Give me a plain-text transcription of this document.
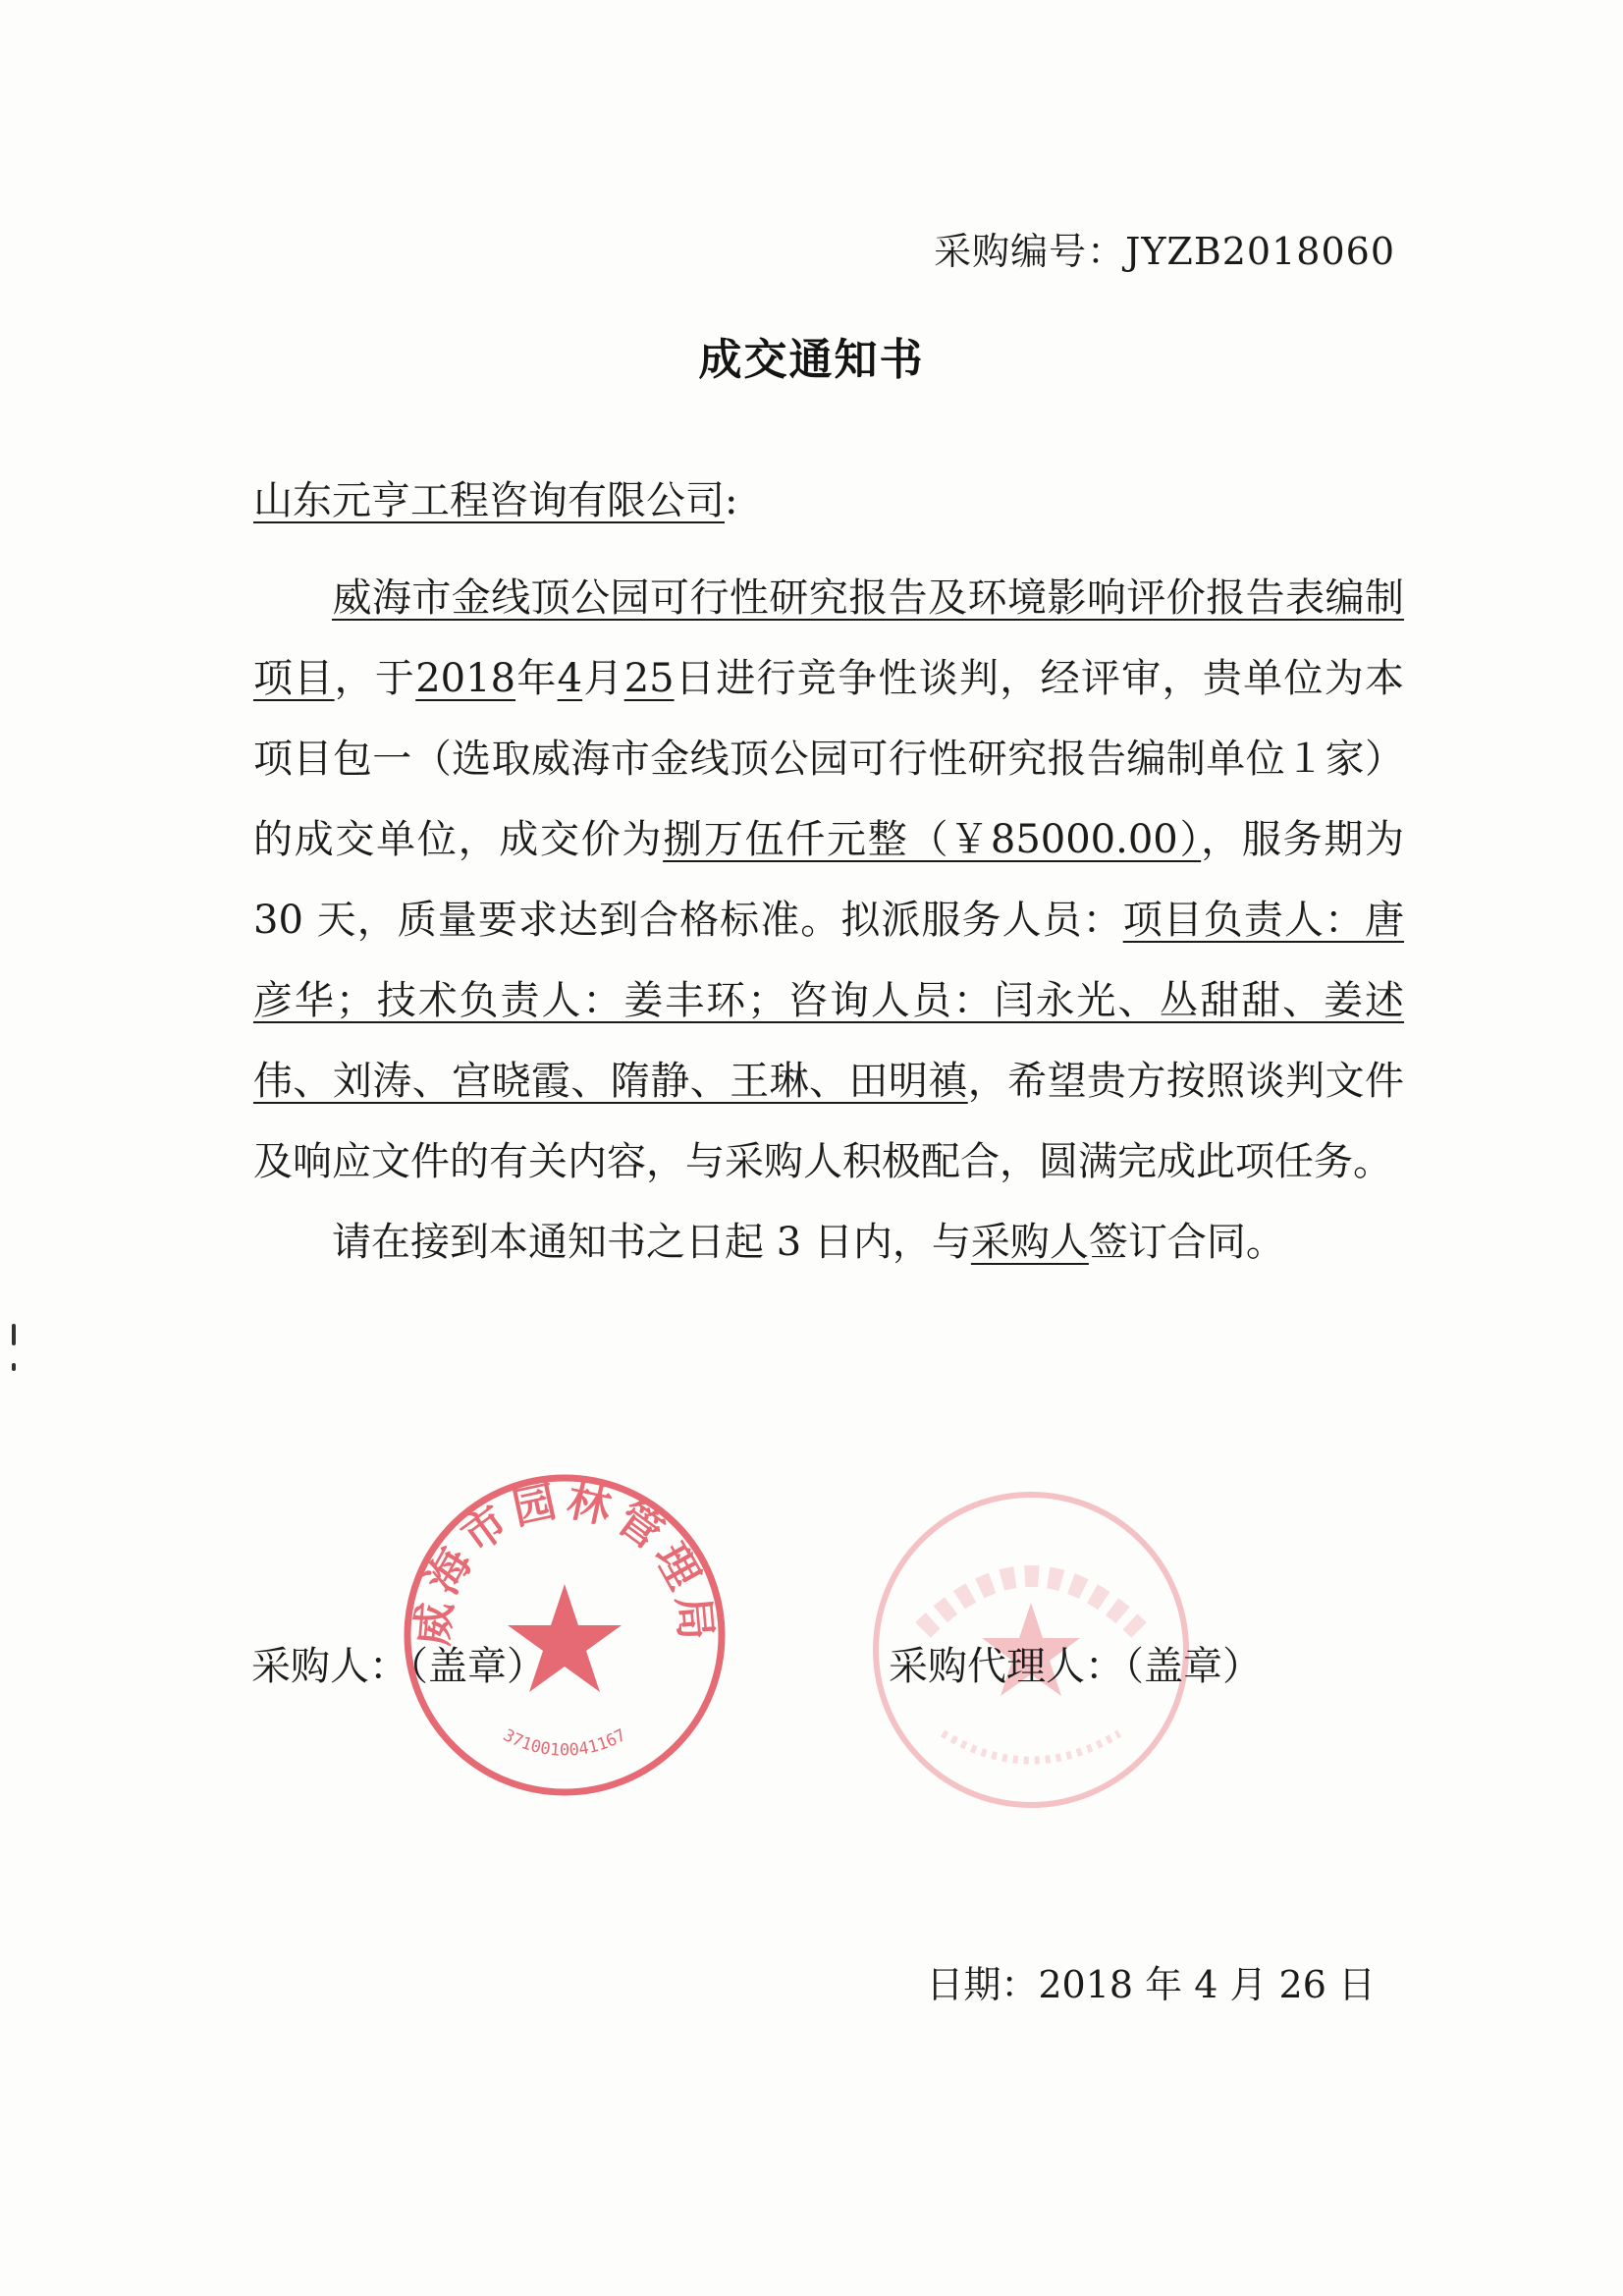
采购编号：JYZB2018060
成交通知书
山东元亨工程咨询有限公司:

威海市金线顶公园可行性研究报告及环境影响评价报告表编制项目，于2018年4月25日进行竞争性谈判，经评审，贵单位为本项目包一（选取威海市金线顶公园可行性研究报告编制单位１家）的成交单位，成交价为捌万伍仟元整（￥85000.00），服务期为 30 天，质量要求达到合格标准。拟派服务人员：项目负责人：唐彦华；技术负责人：姜丰环；咨询人员：闫永光、丛甜甜、姜述伟、刘涛、宫晓霞、隋静、王琳、田明禛，希望贵方按照谈判文件及响应文件的有关内容，与采购人积极配合，圆满完成此项任务。

请在接到本通知书之日起 3 日内，与采购人签订合同。

威海市园林管理局
3710010041167
采购人：（盖章）	采购代理人：（盖章）
日期：2018 年 4 月 26 日
